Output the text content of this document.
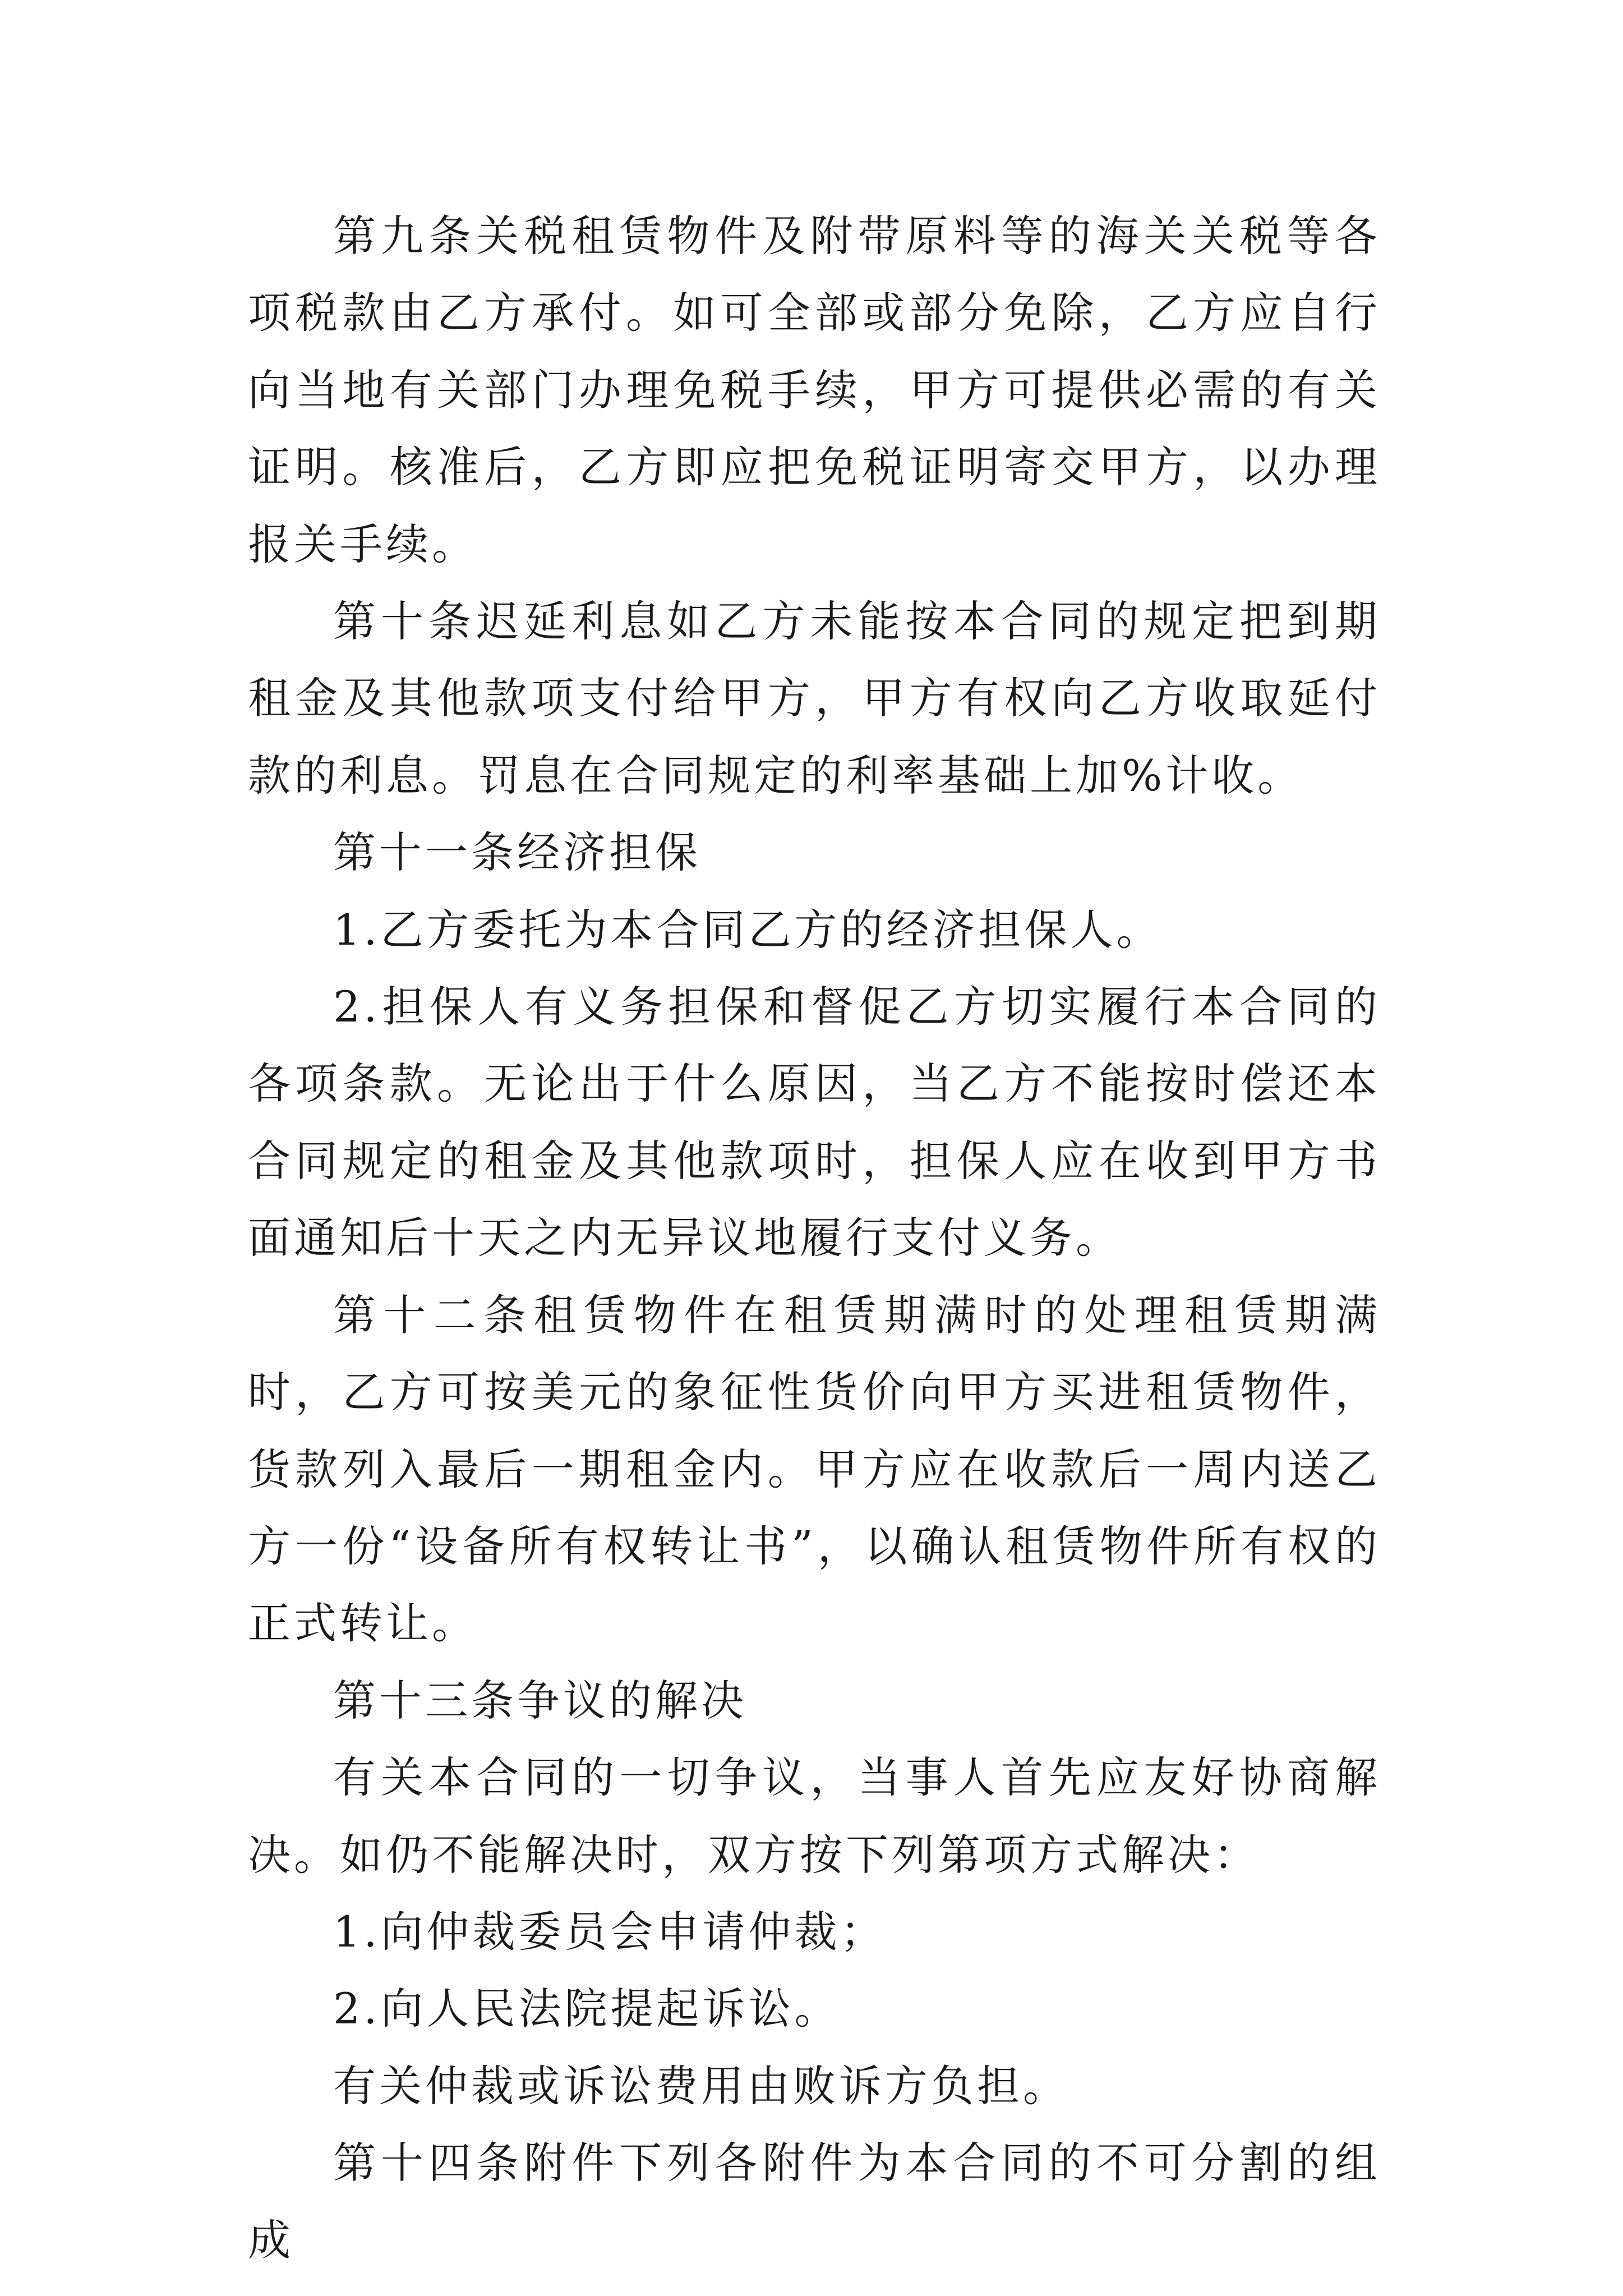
第九条关税租赁物件及附带原料等的海关关税等各项税款由乙方承付。如可全部或部分免除，乙方应自行向当地有关部门办理免税手续，甲方可提供必需的有关证明。核准后，乙方即应把免税证明寄交甲方，以办理报关手续。

第十条迟延利息如乙方未能按本合同的规定把到期租金及其他款项支付给甲方，甲方有权向乙方收取延付款的利息。罚息在合同规定的利率基础上加%计收。

第十一条经济担保

1.乙方委托为本合同乙方的经济担保人。

2.担保人有义务担保和督促乙方切实履行本合同的各项条款。无论出于什么原因，当乙方不能按时偿还本合同规定的租金及其他款项时，担保人应在收到甲方书面通知后十天之内无异议地履行支付义务。

第十二条租赁物件在租赁期满时的处理租赁期满时，乙方可按美元的象征性货价向甲方买进租赁物件，货款列入最后一期租金内。甲方应在收款后一周内送乙方一份“设备所有权转让书”，以确认租赁物件所有权的正式转让。

第十三条争议的解决

有关本合同的一切争议，当事人首先应友好协商解决。如仍不能解决时，双方按下列第项方式解决：

1.向仲裁委员会申请仲裁；

2.向人民法院提起诉讼。

有关仲裁或诉讼费用由败诉方负担。

第十四条附件下列各附件为本合同的不可分割的组成
